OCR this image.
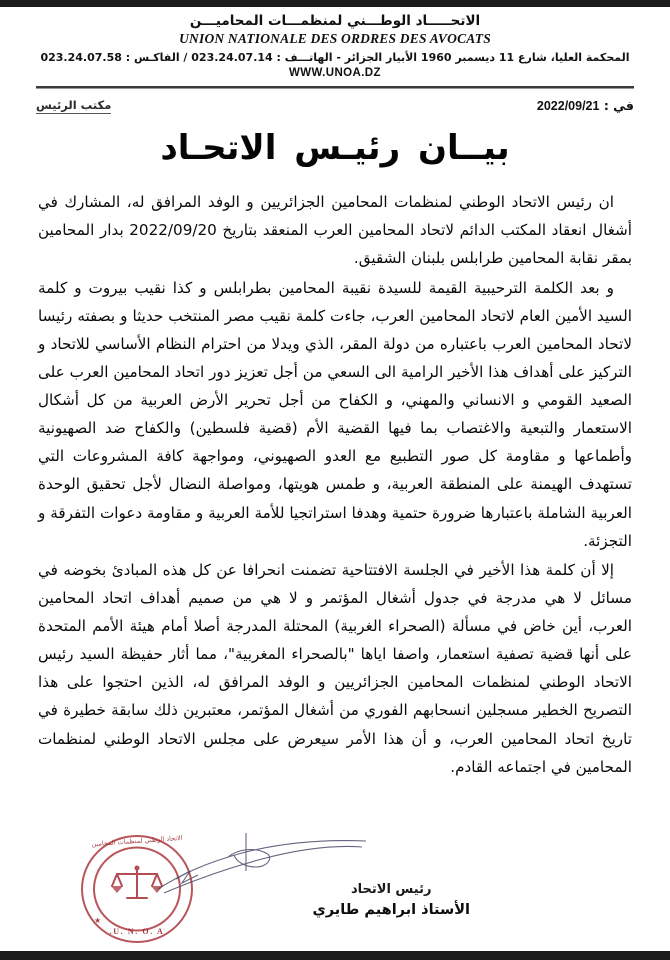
الاتحـــــاد الوطـــني لمنظمـــات المحاميـــن
UNION NATIONALE DES ORDRES DES AVOCATS
المحكمة العليا، شارع 11 ديسمبر 1960 الأبيار الجزائر - الهاتـــف : 023.24.07.14 / الفاكـس : 023.24.07.58
WWW.UNOA.DZ
في : 2022/09/21
مكتب الرئيس
بيــان رئيـس الاتحـاد

ان رئيس الاتحاد الوطني لمنظمات المحامين الجزائريين و الوفد المرافق له، المشارك في أشغال انعقاد المكتب الدائم لاتحاد المحامين العرب المنعقد بتاريخ 2022/09/20 بدار المحامين بمقر نقابة المحامين طرابلس بلبنان الشقيق.

و بعد الكلمة الترحيبية القيمة للسيدة نقيبة المحامين بطرابلس و كذا نقيب بيروت و كلمة السيد الأمين العام لاتحاد المحامين العرب، جاءت كلمة نقيب مصر المنتخب حديثا و بصفته رئيسا لاتحاد المحامين العرب باعتباره من دولة المقر، الذي ويدلا من احترام النظام الأساسي للاتحاد و التركيز على أهداف هذا الأخير الرامية الى السعي من أجل تعزيز دور اتحاد المحامين العرب على الصعيد القومي و الانساني والمهني، و الكفاح من أجل تحرير الأرض العربية من كل أشكال الاستعمار والتبعية والاغتصاب بما فيها القضية الأم (قضية فلسطين) والكفاح ضد الصهيونية وأطماعها و مقاومة كل صور التطبيع مع العدو الصهيوني، ومواجهة كافة المشروعات التي تستهدف الهيمنة على المنطقة العربية، و طمس هويتها، ومواصلة النضال لأجل تحقيق الوحدة العربية الشاملة باعتبارها ضرورة حتمية وهدفا استراتجيا للأمة العربية و مقاومة دعوات التفرقة و التجزئة.

إلا أن كلمة هذا الأخير في الجلسة الافتتاحية تضمنت انحرافا عن كل هذه المبادئ بخوضه في مسائل لا هي مدرجة في جدول أشغال المؤتمر و لا هي من صميم أهداف اتحاد المحامين العرب، أين خاض في مسألة (الصحراء الغربية) المحتلة المدرجة أصلا أمام هيئة الأمم المتحدة على أنها قضية تصفية استعمار، واصفا اياها "بالصحراء المغربية"، مما أثار حفيظة السيد رئيس الاتحاد الوطني لمنظمات المحامين الجزائريين و الوفد المرافق له، الذين احتجوا على هذا التصريح الخطير مسجلين انسحابهم الفوري من أشغال المؤتمر، معتبرين ذلك سابقة خطيرة في تاريخ اتحاد المحامين العرب، و أن هذا الأمر سيعرض على مجلس الاتحاد الوطني لمنظمات المحامين في اجتماعه القادم.

الاتحاد الوطني لمنظمات المحامين
★
U. N. O. A.
رئيس الاتحاد
الأستاذ ابراهيم طايري
